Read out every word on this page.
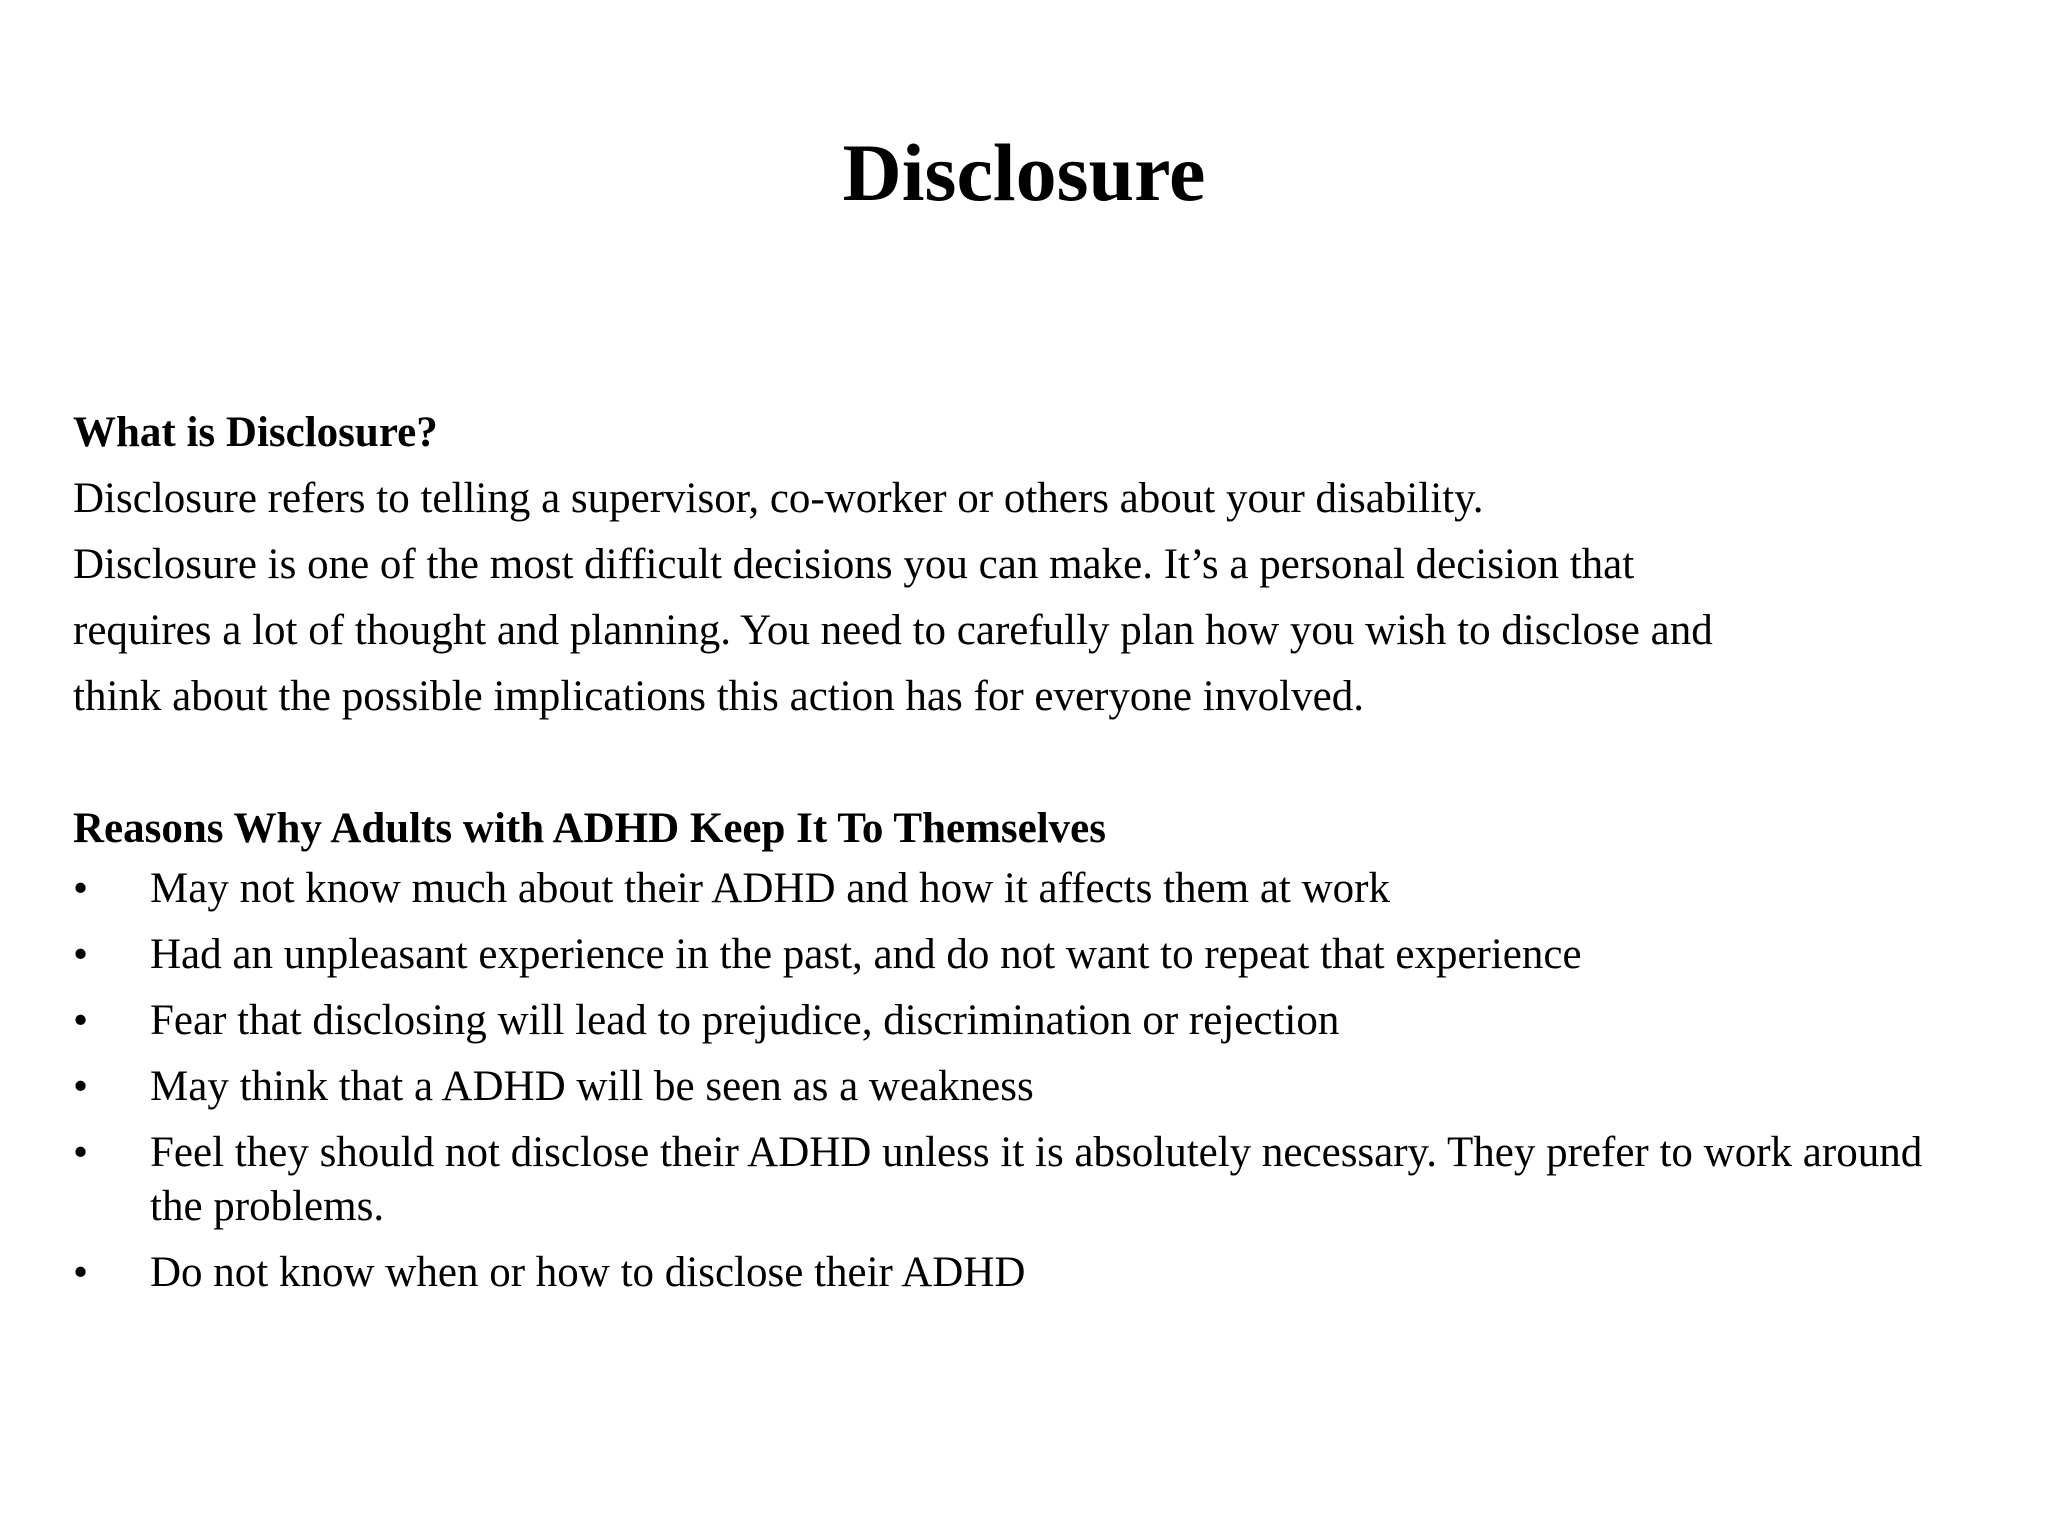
Disclosure

What is Disclosure?

Disclosure refers to telling a supervisor, co-worker or others about your disability.

Disclosure is one of the most difficult decisions you can make. It’s a personal decision that

requires a lot of thought and planning. You need to carefully plan how you wish to disclose and

think about the possible implications this action has for everyone involved.

Reasons Why Adults with ADHD Keep It To Themselves

•	May not know much about their ADHD and how it affects them at work
•	Had an unpleasant experience in the past, and do not want to repeat that experience
•	Fear that disclosing will lead to prejudice, discrimination or rejection
•	May think that a ADHD will be seen as a weakness
•	Feel they should not disclose their ADHD unless it is absolutely necessary. They prefer to work around the problems.
•	Do not know when or how to disclose their ADHD
